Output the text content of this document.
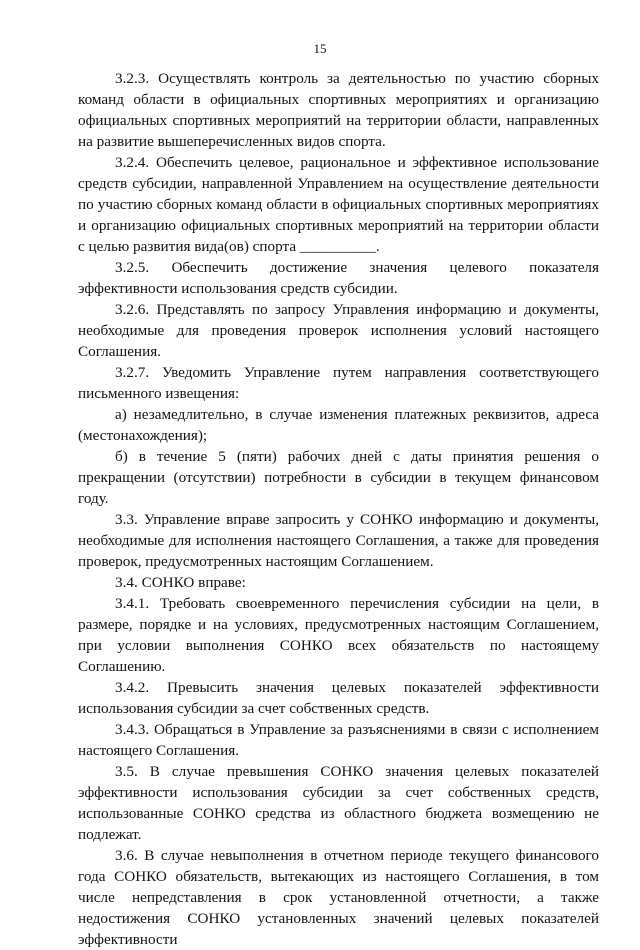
15

3.2.3. Осуществлять контроль за деятельностью по участию сборных команд области в официальных спортивных мероприятиях и организацию официальных спортивных мероприятий на территории области, направленных на развитие вышеперечисленных видов спорта.

3.2.4. Обеспечить целевое, рациональное и эффективное использование средств субсидии, направленной Управлением на осуществление деятельности по участию сборных команд области в официальных спортивных мероприятиях и организацию официальных спортивных мероприятий на территории области с целью развития вида(ов) спорта __________.

3.2.5. Обеспечить достижение значения целевого показателя эффективности использования средств субсидии.

3.2.6. Представлять по запросу Управления информацию и документы, необходимые для проведения проверок исполнения условий настоящего Соглашения.

3.2.7. Уведомить Управление путем направления соответствующего письменного извещения:

а) незамедлительно, в случае изменения платежных реквизитов, адреса (местонахождения);

б) в течение 5 (пяти) рабочих дней с даты принятия решения о прекращении (отсутствии) потребности в субсидии в текущем финансовом году.

3.3. Управление вправе запросить у СОНКО информацию и документы, необходимые для исполнения настоящего Соглашения, а также для проведения проверок, предусмотренных настоящим Соглашением.

3.4. СОНКО вправе:

3.4.1. Требовать своевременного перечисления субсидии на цели, в размере, порядке и на условиях, предусмотренных настоящим Соглашением, при условии выполнения СОНКО всех обязательств по настоящему Соглашению.

3.4.2. Превысить значения целевых показателей эффективности использования субсидии за счет собственных средств.

3.4.3. Обращаться в Управление за разъяснениями в связи с исполнением настоящего Соглашения.

3.5. В случае превышения СОНКО значения целевых показателей эффективности использования субсидии за счет собственных средств, использованные СОНКО средства из областного бюджета возмещению не подлежат.

3.6. В случае невыполнения в отчетном периоде текущего финансового года СОНКО обязательств, вытекающих из настоящего Соглашения, в том числе непредставления в срок установленной отчетности, а также недостижения СОНКО установленных значений целевых показателей эффективности
